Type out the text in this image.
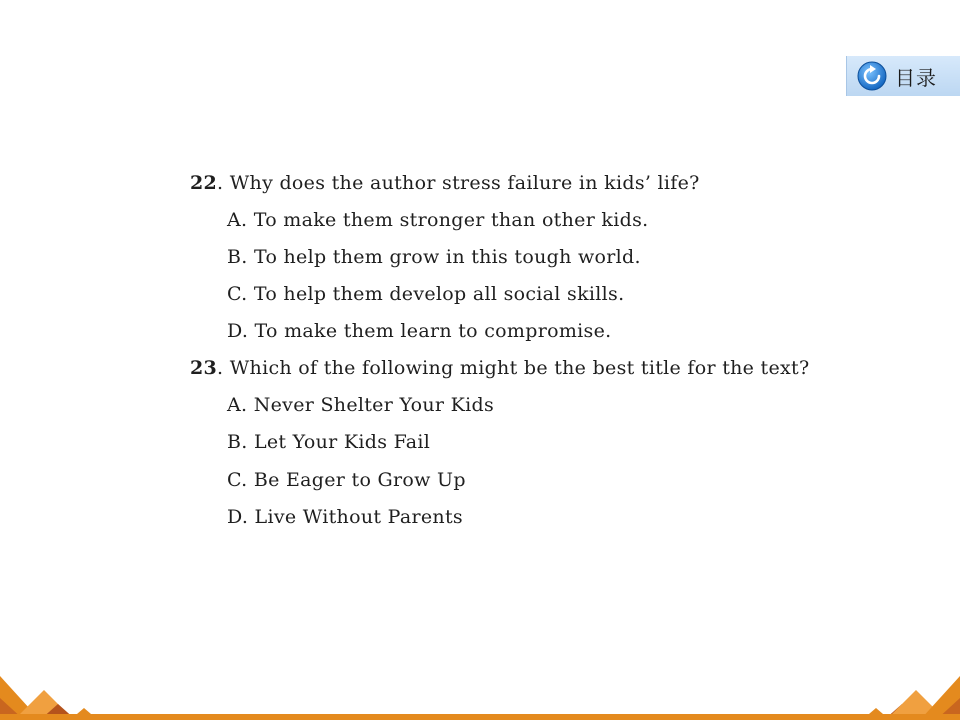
目录
22. Why does the author stress failure in kids’ life?
A. To make them stronger than other kids.
B. To help them grow in this tough world.
C. To help them develop all social skills.
D. To make them learn to compromise.
23. Which of the following might be the best title for the text?
A. Never Shelter Your Kids
B. Let Your Kids Fail
C. Be Eager to Grow Up
D. Live Without Parents
